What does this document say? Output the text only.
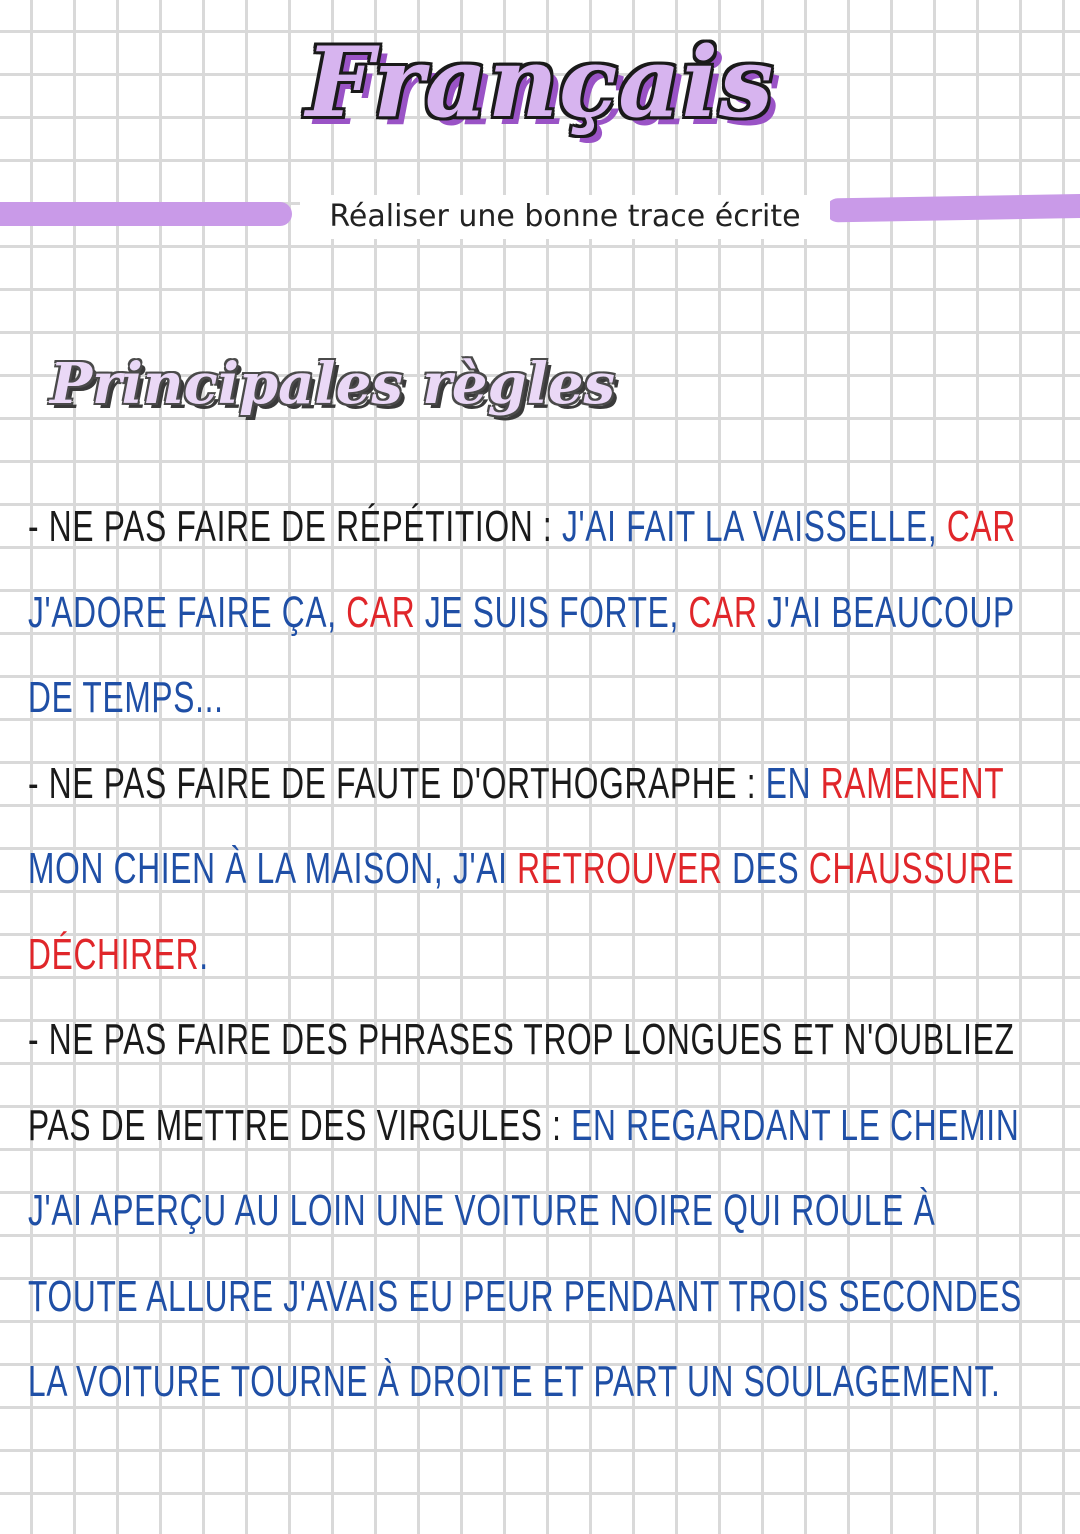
Français
Réaliser une bonne trace écrite
Principales règles

- NE PAS FAIRE DE RÉPÉTITION : J'AI FAIT LA VAISSELLE, CAR J'ADORE FAIRE ÇA, CAR JE SUIS FORTE, CAR J'AI BEAUCOUP DE TEMPS...

- NE PAS FAIRE DE FAUTE D'ORTHOGRAPHE : EN RAMENENT MON CHIEN À LA MAISON, J'AI RETROUVER DES CHAUSSURE DÉCHIRER.

- NE PAS FAIRE DES PHRASES TROP LONGUES ET N'OUBLIEZ PAS DE METTRE DES VIRGULES : EN REGARDANT LE CHEMIN J'AI APERÇU AU LOIN UNE VOITURE NOIRE QUI ROULE À TOUTE ALLURE J'AVAIS EU PEUR PENDANT TROIS SECONDES LA VOITURE TOURNE À DROITE ET PART UN SOULAGEMENT.
